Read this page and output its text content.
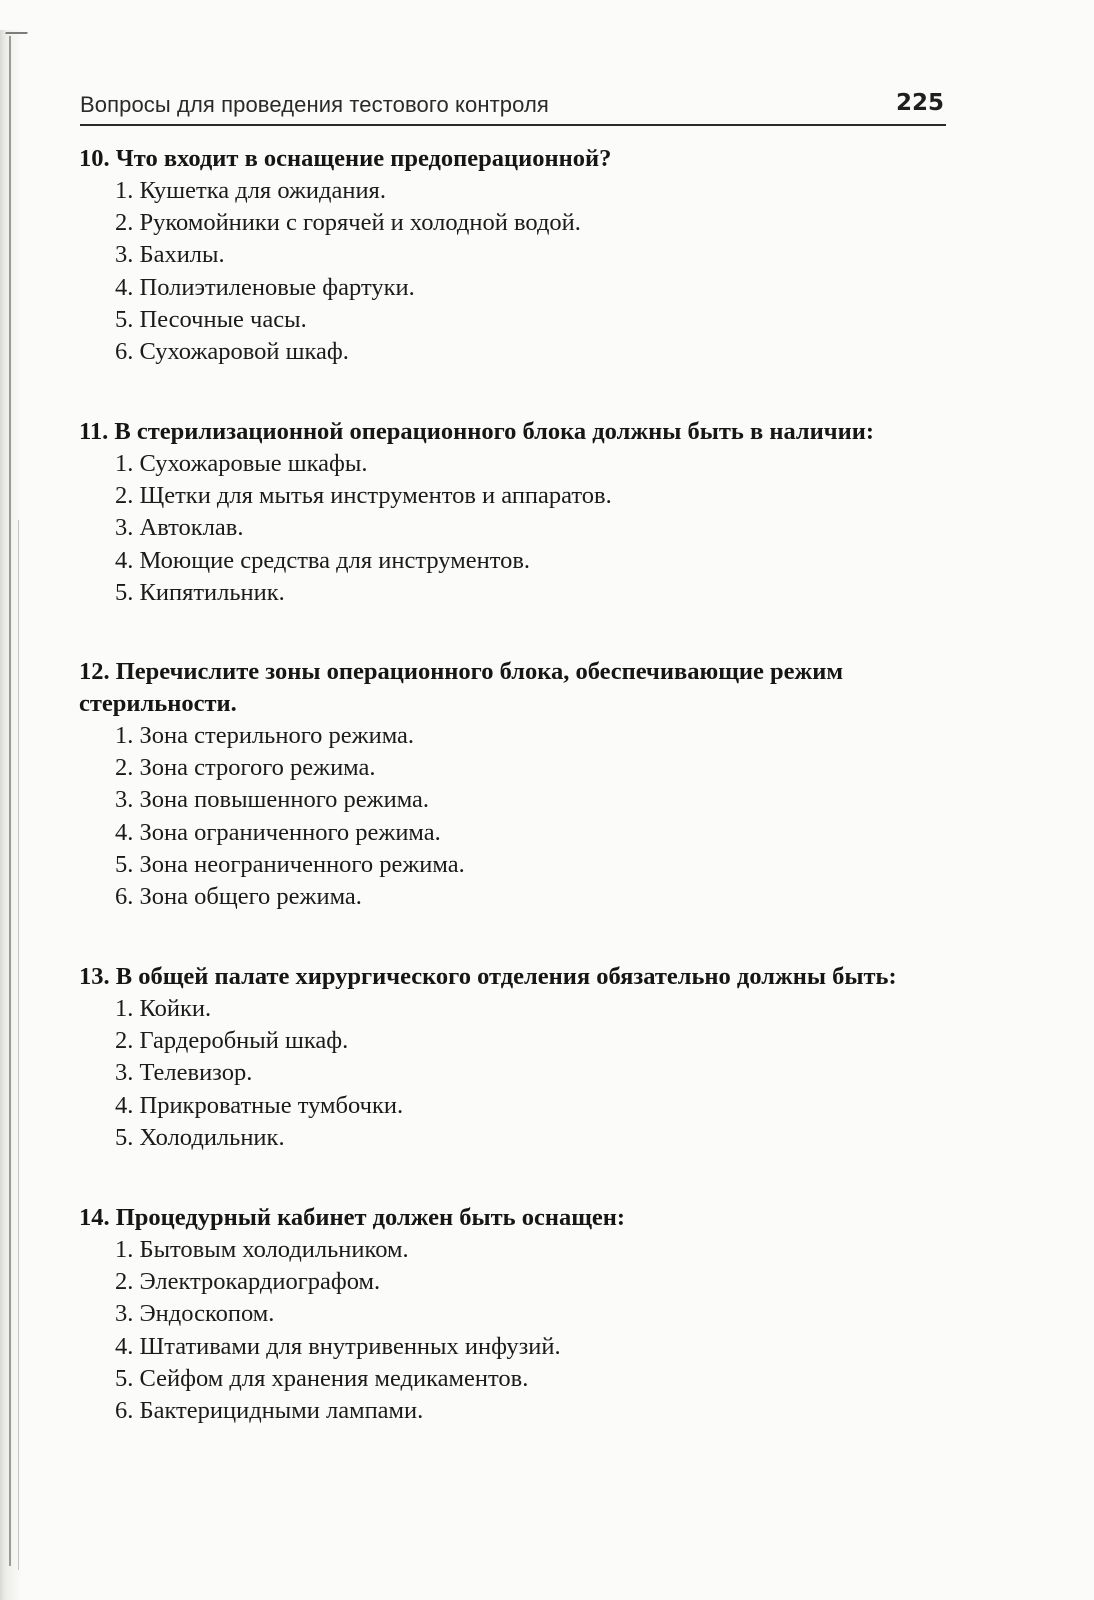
Вопросы для проведения тестового контроля	225

10. Что входит в оснащение предоперационной?

1. Кушетка для ожидания.
2. Рукомойники с горячей и холодной водой.
3. Бахилы.
4. Полиэтиленовые фартуки.
5. Песочные часы.
6. Сухожаровой шкаф.

11. В стерилизационной операционного блока должны быть в наличии:

1. Сухожаровые шкафы.
2. Щетки для мытья инструментов и аппаратов.
3. Автоклав.
4. Моющие средства для инструментов.
5. Кипятильник.

12. Перечислите зоны операционного блока, обеспечивающие режим стерильности.

1. Зона стерильного режима.
2. Зона строгого режима.
3. Зона повышенного режима.
4. Зона ограниченного режима.
5. Зона неограниченного режима.
6. Зона общего режима.

13. В общей палате хирургического отделения обязательно должны быть:

1. Койки.
2. Гардеробный шкаф.
3. Телевизор.
4. Прикроватные тумбочки.
5. Холодильник.

14. Процедурный кабинет должен быть оснащен:

1. Бытовым холодильником.
2. Электрокардиографом.
3. Эндоскопом.
4. Штативами для внутривенных инфузий.
5. Сейфом для хранения медикаментов.
6. Бактерицидными лампами.
